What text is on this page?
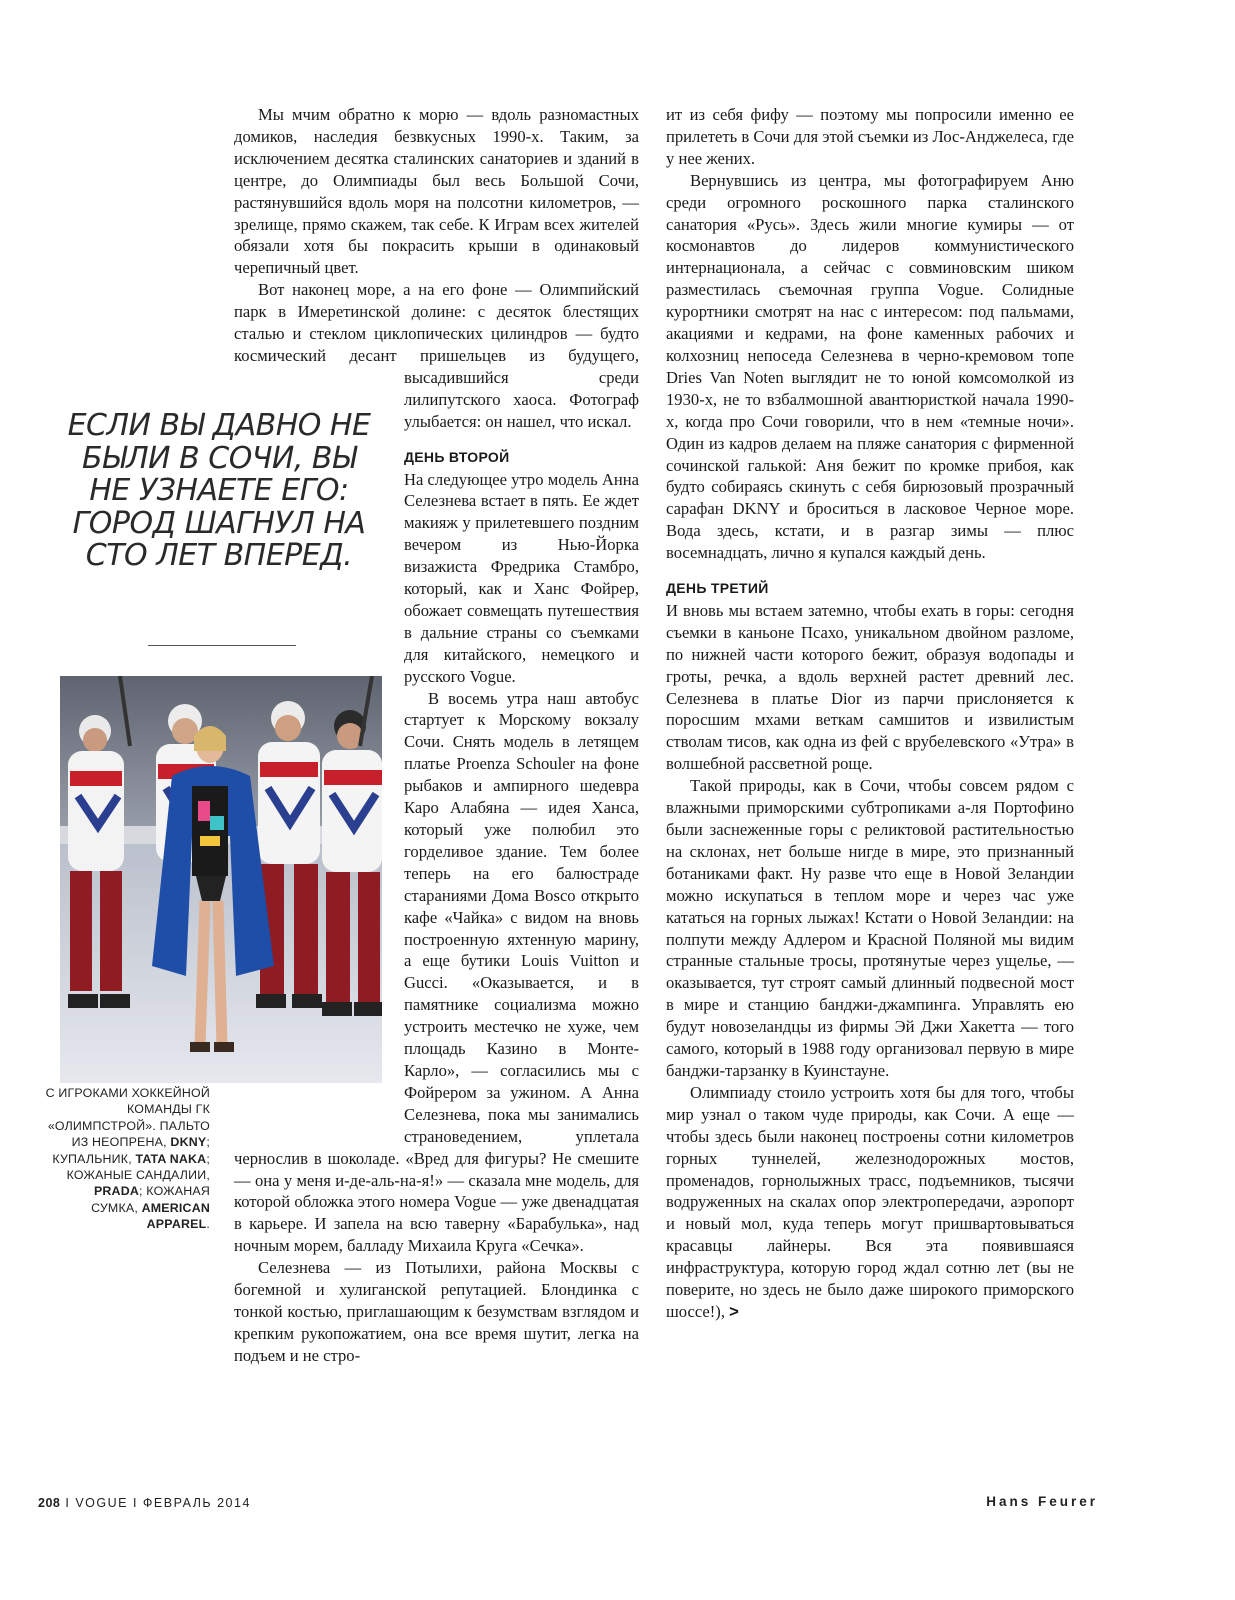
ЕСЛИ ВЫ ДАВНО НЕ БЫЛИ В СОЧИ, ВЫ НЕ УЗНАЕТЕ ЕГО: ГОРОД ШАГНУЛ НА СТО ЛЕТ ВПЕРЕД.
С ИГРОКАМИ ХОККЕЙНОЙ КОМАНДЫ ГК «ОЛИМПСТРОЙ». ПАЛЬТО ИЗ НЕОПРЕНА, DKNY; КУПАЛЬНИК, TATA NAKA; КОЖАНЫЕ САНДАЛИИ, PRADA; КОЖАНАЯ СУМКА, AMERICAN APPAREL.

Мы мчим обратно к морю — вдоль разномастных домиков, наследия безвкусных 1990-х. Таким, за исключением десятка сталинских санаториев и зданий в центре, до Олимпиады был весь Большой Сочи, растянувшийся вдоль моря на полсотни километров, — зрелище, прямо скажем, так себе. К Играм всех жителей обязали хотя бы покрасить крыши в одинаковый черепичный цвет.

Вот наконец море, а на его фоне — Олимпийский парк в Имеретинской долине: с десяток блестящих сталью и стеклом циклопических цилиндров — будто космический десант пришельцев из будущего, высадившийся среди лилипутского хаоса. Фотограф улыбается: он нашел, что искал.

ДЕНЬ ВТОРОЙ

На следующее утро модель Анна Селезнева встает в пять. Ее ждет макияж у прилетевшего поздним вечером из Нью-Йорка визажиста Фредрика Стамбро, который, как и Ханс Фойрер, обожает совмещать путешествия в дальние страны со съемками для китайского, немецкого и русского Vogue.

В восемь утра наш автобус стартует к Морскому вокзалу Сочи. Снять модель в летящем платье Proenza Schouler на фоне рыбаков и ампирного шедевра Каро Алабяна — идея Ханса, который уже полюбил это горделивое здание. Тем более теперь на его балюстраде стараниями Дома Bosco открыто кафе «Чайка» с видом на вновь построенную яхтенную марину, а еще бутики Louis Vuitton и Gucci. «Оказывается, и в памятнике социализма можно устроить местечко не хуже, чем площадь Казино в Монте-Карло», — согласились мы с Фойрером за ужином. А Анна Селезнева, пока мы занимались страноведением, уплетала чернослив в шоколаде. «Вред для фигуры? Не смешите — она у меня и-де-аль-на-я!» — сказала мне модель, для которой обложка этого номера Vogue — уже двенадцатая в карьере. И запела на всю таверну «Барабулька», над ночным морем, балладу Михаила Круга «Сечка».

Селезнева — из Потылихи, района Москвы с богемной и хулиганской репутацией. Блондинка с тонкой костью, приглашающим к безумствам взглядом и крепким рукопожатием, она все время шутит, легка на подъем и не стро-

ит из себя фифу — поэтому мы попросили именно ее прилететь в Сочи для этой съемки из Лос-Анджелеса, где у нее жених.

Вернувшись из центра, мы фотографируем Аню среди огромного роскошного парка сталинского санатория «Русь». Здесь жили многие кумиры — от космонавтов до лидеров коммунистического интернационала, а сейчас с совминовским шиком разместилась съемочная группа Vogue. Солидные курортники смотрят на нас с интересом: под пальмами, акациями и кедрами, на фоне каменных рабочих и колхозниц непоседа Селезнева в черно-кремовом топе Dries Van Noten выглядит не то юной комсомолкой из 1930-х, не то взбалмошной авантюристкой начала 1990-х, когда про Сочи говорили, что в нем «темные ночи». Один из кадров делаем на пляже санатория с фирменной сочинской галькой: Аня бежит по кромке прибоя, как будто собираясь скинуть с себя бирюзовый прозрачный сарафан DKNY и броситься в ласковое Черное море. Вода здесь, кстати, и в разгар зимы — плюс восемнадцать, лично я купался каждый день.

ДЕНЬ ТРЕТИЙ

И вновь мы встаем затемно, чтобы ехать в горы: сегодня съемки в каньоне Псахо, уникальном двойном разломе, по нижней части которого бежит, образуя водопады и гроты, речка, а вдоль верхней растет древний лес. Селезнева в платье Dior из парчи прислоняется к поросшим мхами веткам самшитов и извилистым стволам тисов, как одна из фей с врубелевского «Утра» в волшебной рассветной роще.

Такой природы, как в Сочи, чтобы совсем рядом с влажными приморскими субтропиками а-ля Портофино были заснеженные горы с реликтовой растительностью на склонах, нет больше нигде в мире, это признанный ботаниками факт. Ну разве что еще в Новой Зеландии можно искупаться в теплом море и через час уже кататься на горных лыжах! Кстати о Новой Зеландии: на полпути между Адлером и Красной Поляной мы видим странные стальные тросы, протянутые через ущелье, — оказывается, тут строят самый длинный подвесной мост в мире и станцию банджи-джампинга. Управлять ею будут новозеландцы из фирмы Эй Джи Хакетта — того самого, который в 1988 году организовал первую в мире банджи-тарзанку в Куинстауне.

Олимпиаду стоило устроить хотя бы для того, чтобы мир узнал о таком чуде природы, как Сочи. А еще — чтобы здесь были наконец построены сотни километров горных туннелей, железнодорожных мостов, променадов, горнолыжных трасс, подъемников, тысячи водруженных на скалах опор электропередачи, аэропорт и новый мол, куда теперь могут пришвартовываться красавцы лайнеры. Вся эта появившаяся инфраструктура, которую город ждал сотню лет (вы не поверите, но здесь не было даже широкого приморского шоссе!), >

208 I VOGUE I ФЕВРАЛЬ 2014	Hans Feurer
